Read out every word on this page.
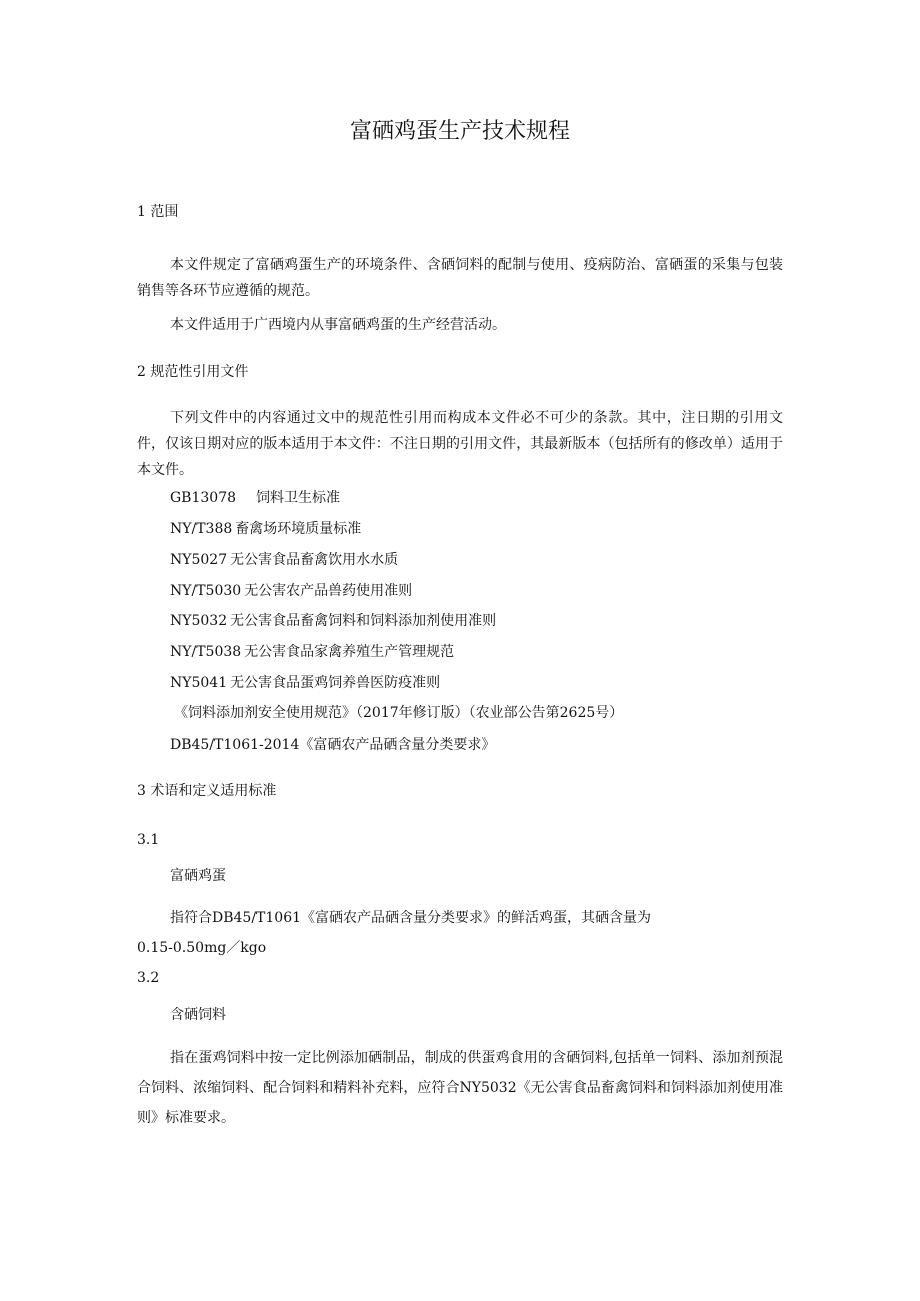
富硒鸡蛋生产技术规程
1 范围
本文件规定了富硒鸡蛋生产的环境条件、含硒饲料的配制与使用、疫病防治、富硒蛋的采集与包装销售等各环节应遵循的规范。
本文件适用于广西境内从事富硒鸡蛋的生产经营活动。
2 规范性引用文件
下列文件中的内容通过文中的规范性引用而构成本文件必不可少的条款。其中，注日期的引用文件，仅该日期对应的版本适用于本文件：不注日期的引用文件，其最新版本（包括所有的修改单）适用于本文件。
GB13078 饲料卫生标准
NY/T388 畜禽场环境质量标准
NY5027 无公害食品畜禽饮用水水质
NY/T5030 无公害农产品兽药使用准则
NY5032 无公害食品畜禽饲料和饲料添加剂使用准则
NY/T5038 无公害食品家禽养殖生产管理规范
NY5041 无公害食品蛋鸡饲养兽医防疫准则
《饲料添加剂安全使用规范》（2017年修订版）（农业部公告第2625号）
DB45/T1061-2014《富硒农产品硒含量分类要求》
3 术语和定义适用标准
3.1
富硒鸡蛋
指符合DB45/T1061《富硒农产品硒含量分类要求》的鲜活鸡蛋，其硒含量为
0.15-0.50mg／kgo
3.2
含硒饲料
指在蛋鸡饲料中按一定比例添加硒制品，制成的供蛋鸡食用的含硒饲料,包括单一饲料、添加剂预混合饲料、浓缩饲料、配合饲料和精料补充料，应符合NY5032《无公害食品畜禽饲料和饲料添加剂使用准则》标准要求。
